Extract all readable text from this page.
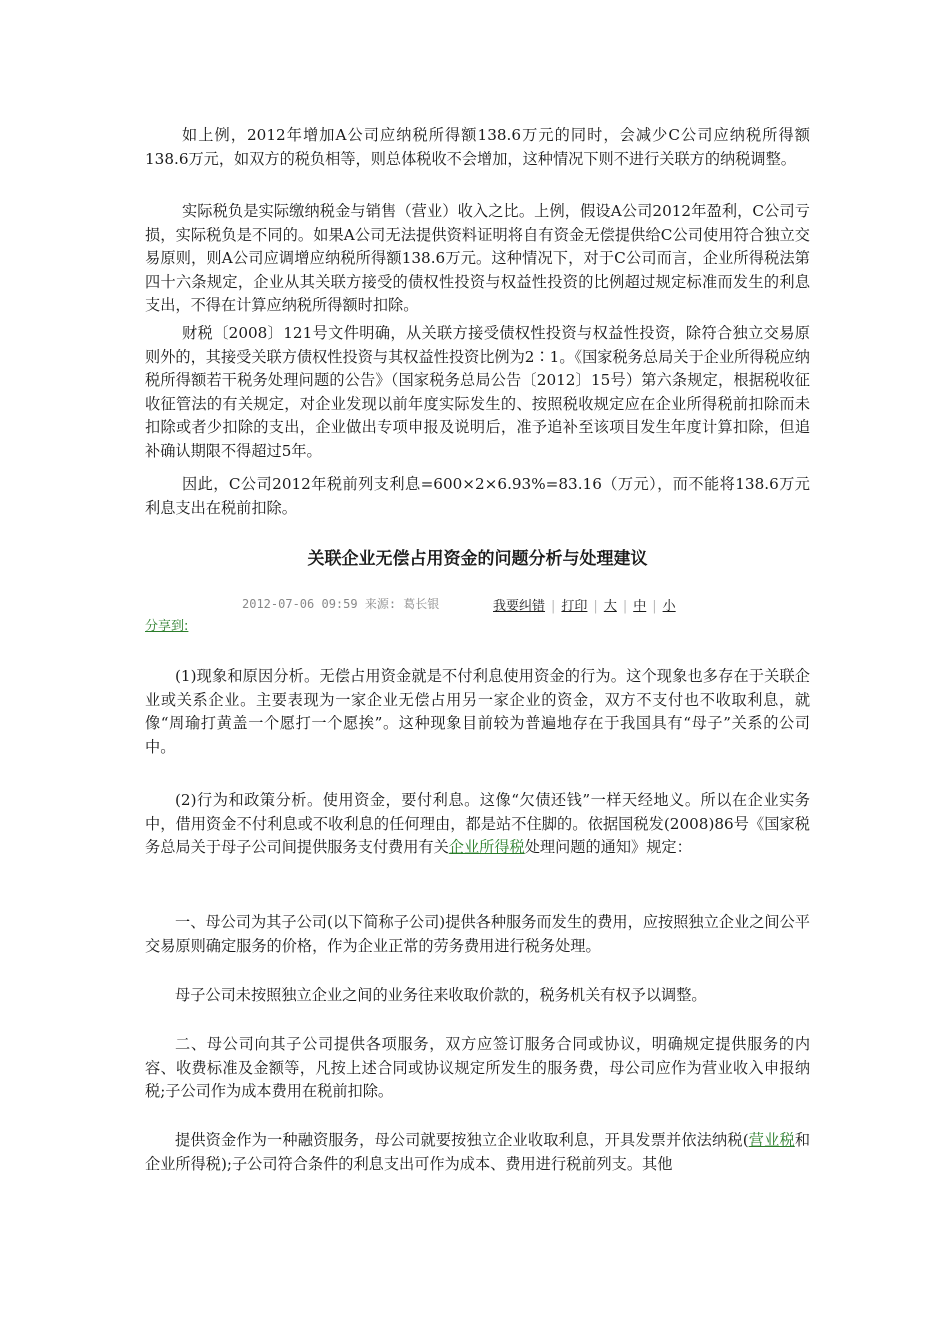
如上例，2012年增加A公司应纳税所得额138.6万元的同时，会减少C公司应纳税所得额138.6万元，如双方的税负相等，则总体税收不会增加，这种情况下则不进行关联方的纳税调整。

实际税负是实际缴纳税金与销售（营业）收入之比。上例，假设A公司2012年盈利，C公司亏损，实际税负是不同的。如果A公司无法提供资料证明将自有资金无偿提供给C公司使用符合独立交易原则，则A公司应调增应纳税所得额138.6万元。这种情况下，对于C公司而言，企业所得税法第四十六条规定，企业从其关联方接受的债权性投资与权益性投资的比例超过规定标准而发生的利息支出，不得在计算应纳税所得额时扣除。

财税〔2008〕121号文件明确，从关联方接受债权性投资与权益性投资，除符合独立交易原则外的，其接受关联方债权性投资与其权益性投资比例为2∶1。《国家税务总局关于企业所得税应纳税所得额若干税务处理问题的公告》（国家税务总局公告〔2012〕15号）第六条规定，根据税收征收征管法的有关规定，对企业发现以前年度实际发生的、按照税收规定应在企业所得税前扣除而未扣除或者少扣除的支出，企业做出专项申报及说明后，准予追补至该项目发生年度计算扣除，但追补确认期限不得超过5年。

因此，C公司2012年税前列支利息=600×2×6.93%=83.16（万元），而不能将138.6万元利息支出在税前扣除。

关联企业无偿占用资金的问题分析与处理建议
2012-07-06 09:59 来源: 葛长银	我要纠错 | 打印 | 大 | 中 | 小
分享到:

(1)现象和原因分析。无偿占用资金就是不付利息使用资金的行为。这个现象也多存在于关联企业或关系企业。主要表现为一家企业无偿占用另一家企业的资金，双方不支付也不收取利息，就像“周瑜打黄盖一个愿打一个愿挨”。这种现象目前较为普遍地存在于我国具有“母子”关系的公司中。

(2)行为和政策分析。使用资金，要付利息。这像“欠债还钱”一样天经地义。所以在企业实务中，借用资金不付利息或不收利息的任何理由，都是站不住脚的。依据国税发(2008)86号《国家税务总局关于母子公司间提供服务支付费用有关企业所得税处理问题的通知》规定：

一、母公司为其子公司(以下简称子公司)提供各种服务而发生的费用，应按照独立企业之间公平交易原则确定服务的价格，作为企业正常的劳务费用进行税务处理。

母子公司未按照独立企业之间的业务往来收取价款的，税务机关有权予以调整。

二、母公司向其子公司提供各项服务，双方应签订服务合同或协议，明确规定提供服务的内容、收费标准及金额等，凡按上述合同或协议规定所发生的服务费，母公司应作为营业收入申报纳税;子公司作为成本费用在税前扣除。

提供资金作为一种融资服务，母公司就要按独立企业收取利息，开具发票并依法纳税(营业税和企业所得税);子公司符合条件的利息支出可作为成本、费用进行税前列支。其他
